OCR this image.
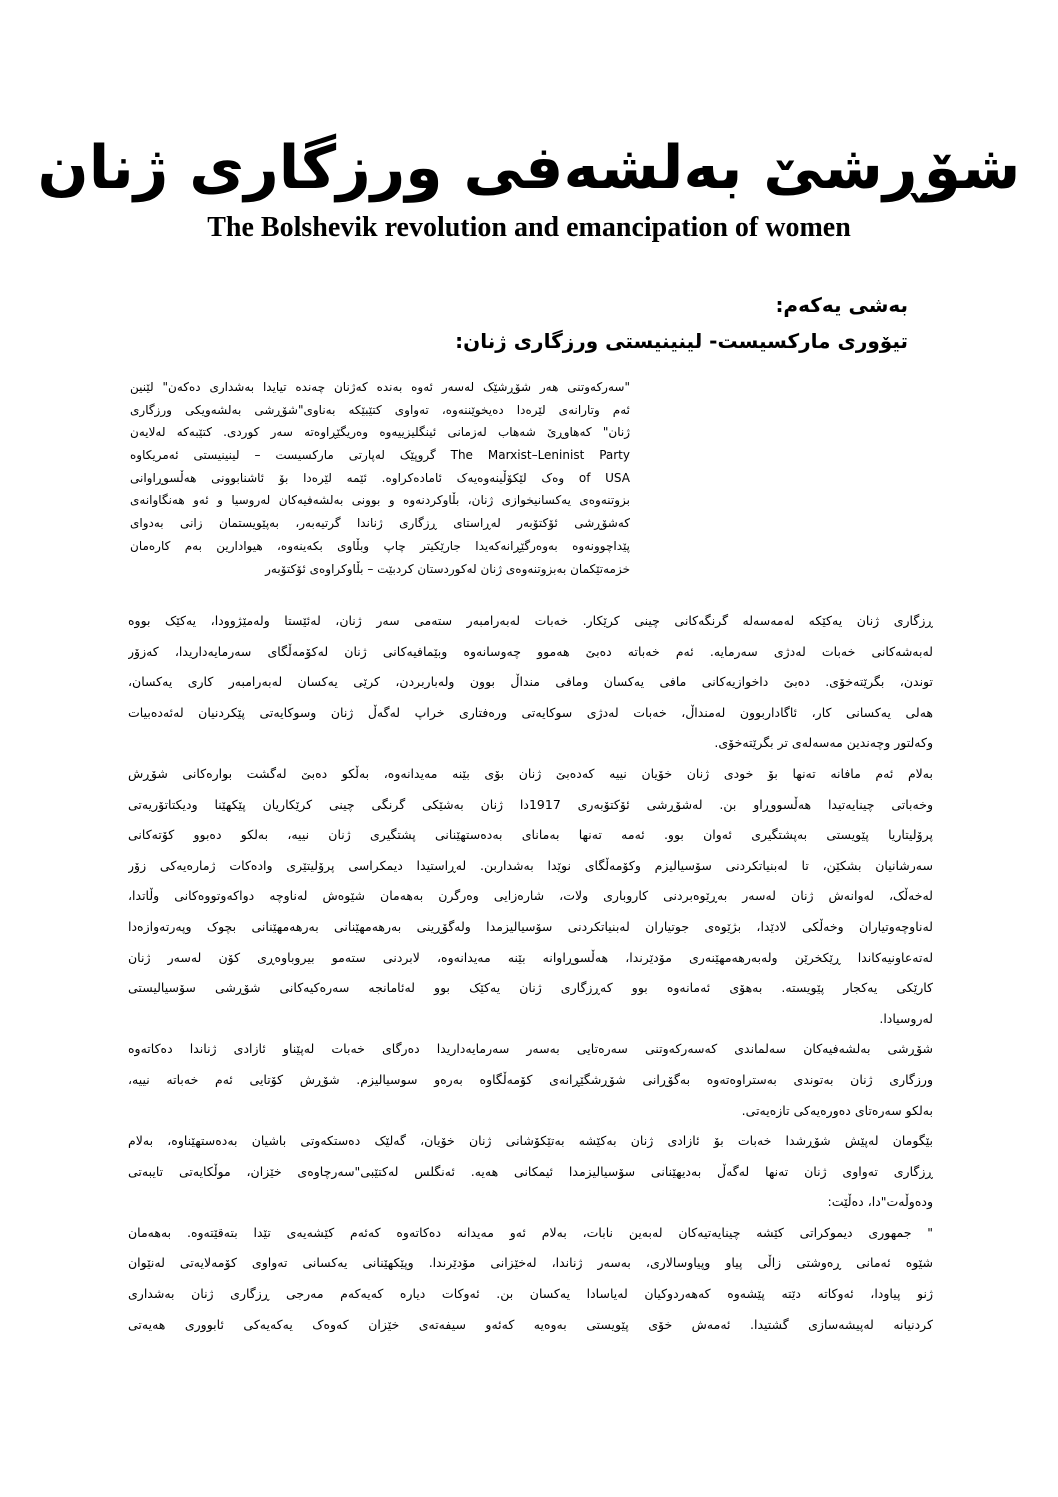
شۆڕشێ بەلشەفی ورزگاری ژنان
The Bolshevik revolution and emancipation of women
بەشی یەکەم:
تیۆوری مارکسیست- لینینیستی ورزگاری ژنان:
"سەرکەوتنی هەر شۆڕشێک لەسەر ئەوە بەندە کەژنان چەندە تیایدا بەشداری دەکەن" لێنین
ئەم وتارانەی لێرەدا دەیخوێننەوە، تەواوی کتێبێکە بەناوی"شۆڕشی بەلشەویکی ورزگاری
ژنان" کەهاوڕێ شەهاب لەزمانی ئینگلیزییەوە وەریگێڕاوەتە سەر کوردی. کتێبەکە لەلایەن
The Marxist–Leninist Party گروپێک لەپارتی مارکسیست – لینینیستی ئەمریکاوە
of USA وەک لێکۆڵینەوەیەک ئامادەکراوە. ئێمە لێرەدا بۆ ئاشنابوونی هەڵسوڕاوانی
بزوتنەوەی یەکسانیخوازی ژنان، بڵاوکردنەوە و بوونی بەلشەفیەکان لەروسیا و ئەو هەنگاوانەی
کەشۆڕشی ئۆکتۆبەر لەڕاستای ڕزگاری ژناندا گرتیەبەر، بەپێویستمان زانی بەدوای
پێداچوونەوە بەوەرگێڕانەکەیدا جارێکیتر چاپ وبڵاوی بکەینەوە، هیوادارین بەم کارەمان
خزمەتێکمان بەبزوتنەوەی ژنان لەکوردستان کردبێت – بڵاوکراوەی ئۆکتۆبەر
ڕزگاری ژنان یەکێکە لەمەسەلە گرنگەکانی چینی کرێکار. خەبات لەبەرامبەر ستەمی سەر ژنان، لەئێستا ولەمێژوودا، یەکێک بووە
لەبەشەکانی خەبات لەدژی سەرمایە. ئەم خەباتە دەبێ هەموو چەوسانەوە وبێمافیەکانی ژنان لەکۆمەڵگای سەرمایەداریدا، کەزۆر
توندن، بگرێتەخۆی. دەبێ داخوازیەکانی مافی یەکسان ومافی منداڵ بوون ولەباربردن، کرێی یەکسان لەبەرامبەر کاری یەکسان،
هەلی یەکسانی کار، ئاگاداربوون لەمنداڵ، خەبات لەدژی سوکایەتی ورەفتاری خراپ لەگەڵ ژنان وسوکایەتی پێکردنیان لەئەدەبیات
وکەلتور وچەندین مەسەلەی تر بگرێتەخۆی.
بەلام ئەم مافانە تەنها بۆ خودی ژنان خۆیان نییە کەدەبێ ژنان بۆی بێنە مەیدانەوە، بەڵکو دەبێ لەگشت بوارەکانی شۆڕش
وخەباتی چینایەتیدا هەڵسووڕاو بن. لەشۆڕشی ئۆکتۆبەری 1917دا ژنان بەشێکی گرنگی چینی کرێکاریان پێکهێنا ودیکتاتۆریەتی
پرۆلیتاریا پێویستی بەپشتگیری ئەوان بوو. ئەمە تەنها بەمانای بەدەستهێنانی پشتگیری ژنان نییە، بەلکو دەبوو کۆتەکانی
سەرشانیان بشکێن، تا لەبنیاتکردنی سۆسیالیزم وکۆمەڵگای نوێدا بەشداربن. لەڕاستیدا دیمکراسی پرۆلیتێری وادەکات ژمارەیەکی زۆر
لەخەڵک، لەوانەش ژنان لەسەر بەڕێوەبردنی کاروباری ولات، شارەزایی وەرگرن بەهەمان شێوەش لەناوچە دواکەوتووەکانی وڵاتدا،
لەناوچەوتیاران وخەڵکی لادێدا، بژێوەی جوتیاران لەبنیاتکردنی سۆسیالیزمدا ولەگۆڕینی بەرهەمهێنانی بەرهەمهێنانی بچوک وپەرتەوازەدا
لەتەعاونیەکاندا ڕێکخرێن ولەبەرهەمهێنەری مۆدێرندا، هەڵسوڕاوانە بێنە مەیدانەوە، لابردنی ستەمو بیروباوەڕی کۆن لەسەر ژنان
کارێکی یەکجار پێویستە. بەهۆی ئەمانەوە بوو کەڕزگاری ژنان یەکێک بوو لەئامانجە سەرەکیەکانی شۆڕشی سۆسیالیستی
لەروسیادا.
شۆڕشی بەلشەفیەکان سەلماندی کەسەرکەوتنی سەرەتایی بەسەر سەرمایەداریدا دەرگای خەبات لەپێناو ئازادی ژناندا دەکاتەوە
ورزگاری ژنان بەتوندی بەستراوەتەوە بەگۆڕانی شۆڕشگێڕانەی کۆمەڵگاوە بەرەو سوسیالیزم. شۆڕش کۆتایی ئەم خەباتە نییە،
بەلکو سەرەتای دەورەیەکی تازەیەتی.
بێگومان لەپێش شۆڕشدا خەبات بۆ ئازادی ژنان بەکێشە بەتێکۆشانی ژنان خۆیان، گەلێک دەستکەوتی باشیان بەدەستهێناوە، بەلام
ڕزگاری تەواوی ژنان تەنها لەگەڵ بەدیهێنانی سۆسیالیزمدا ئیمکانی هەیە. ئەنگلس لەکتێبی"سەرچاوەی خێزان، موڵکایەتی تایبەتی
ودەوڵەت"دا، دەڵێت:
" جمهوری دیموکراتی کێشە چینایەتیەکان لەبەین نابات، بەلام ئەو مەیدانە دەکاتەوە کەئەم کێشەیەی تێدا بتەقێتەوە. بەهەمان
شێوە ئەمانی ڕەوشتی زاڵی پیاو وپیاوسالاری، بەسەر ژناندا، لەخێزانی مۆدێرندا. وپێکهێنانی یەکسانی تەواوی کۆمەلایەتی لەنێوان
ژنو پیاودا، ئەوکاتە دێتە پێشەوە کەهەردوکیان لەیاسادا یەکسان بن. ئەوکات دیارە کەیەکەم مەرجی ڕزگاری ژنان بەشداری
کردنیانە لەپیشەسازی گشتیدا. ئەمەش خۆی پێویستی بەوەیە کەئەو سیفەتەی خێزان کەوەک یەکەیەکی ئابووری هەیەتی
